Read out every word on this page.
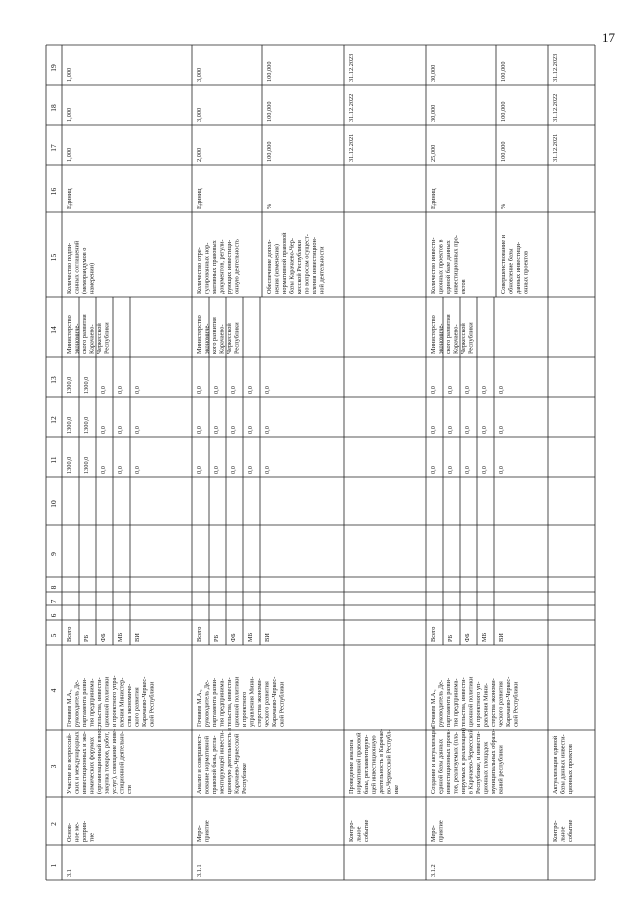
17
1
2
3
4
5
6
7
8
9
10
11
12
13
14
15
16
17
18
19
3.1
Основ- ное ме- роприя- тие
Участие во всероссий- ских и международных инвестиционных и эко- номических форумах (организационный взнос, закупка товаров, работ, услуг), совещание инве- стиционной деятельно- сти
Гочияев М.А., руководитель Де- партамента разви- тия предпринима- тельства, инвести- ционной политики и проектного упра- вления Министер- ства экономиче- ского развития Карачаево-Черкес- ской Республики
Всего
1300,0
1300,0
1300,0
РБ
1300,0
1300,0
1300,0
ФБ
0,0
0,0
0,0
МБ
0,0
0,0
0,0
ВИ
0,0
0,0
0,0
Министерство экономиче- ского развития Карачаево- Черкесской Республики
Количество подпи- санных соглашений (меморандумов о намерении)
Единиц
1,000
1,000
1,000
3.1.1
Меро- приятие
Анализ и совершенст- вование нормативной правовой базы, регла- ментирующей инвести- ционную деятельность в Карачаево-Черкесской Республике
Гочияев М.А., руководитель Де- партамента разви- тия предпринима- тельства, инвести- ционной политики и проектного управления Мини- стерства экономи- ческого развития Карачаево-Черкес- ской Республики
Всего
0,0
0,0
0,0
РБ
0,0
0,0
0,0
ФБ
0,0
0,0
0,0
МБ
0,0
0,0
0,0
ВИ
0,0
0,0
0,0
Министерство экономиче- кого развития Карачаево- Черкесской Республики
Количество отре- гулированных нор- мативных правовых документов, регули- рующих инвестици- онную деятельность
Единиц
2,000
3,000
3,000
Обеспечение допол- нения (изменения) нормативной правовой базы Карачаево-Чер- кесской Республики по вопросам осущест- вления инвестицион- ной деятельности
%
100,000
100,000
100,000
Контро- льное событие
Проведение анализа нормативной правовой базы, регламентирую- щей инвестиционную деятельность в Карачае- во-Черкесской Республ- ике
31.12.2021
31.12.2022
31.12.2023
3.1.2
Меро- приятие
Создание и актуализация единой базы данных инвестиционных проек- тов, реализуемых (пла- нируемых к реализации) в Карачаево-Черкесской Республике, и инвести- ционных площадок муниципальных образо- ваний республики
Гочияев М.А., руководитель Де- партамента разви- тия предпринима- тельства, инвести- ционной политики и проектного уп- равления Мини- стерства экономи- ческого развития Карачаево-Черкес- ской Республики
Всего
0,0
0,0
0,0
РБ
0,0
0,0
0,0
ФБ
0,0
0,0
0,0
МБ
0,0
0,0
0,0
ВИ
0,0
0,0
0,0
Министерство экономиче- ского развития Карачаево- Черкесской Республики
Количество инвести- ционных проектов в единой базе данных инвестиционных про- ектов
Единиц
25,000
30,000
30,000
Совершенствование и обновление базы данных инвестици- онных проектов
%
100,000
100,000
100,000
Контро- льное событие
Актуализация единой базы данных инвести- ционных проектов
31.12.2021
31.12.2022
31.12.2023
